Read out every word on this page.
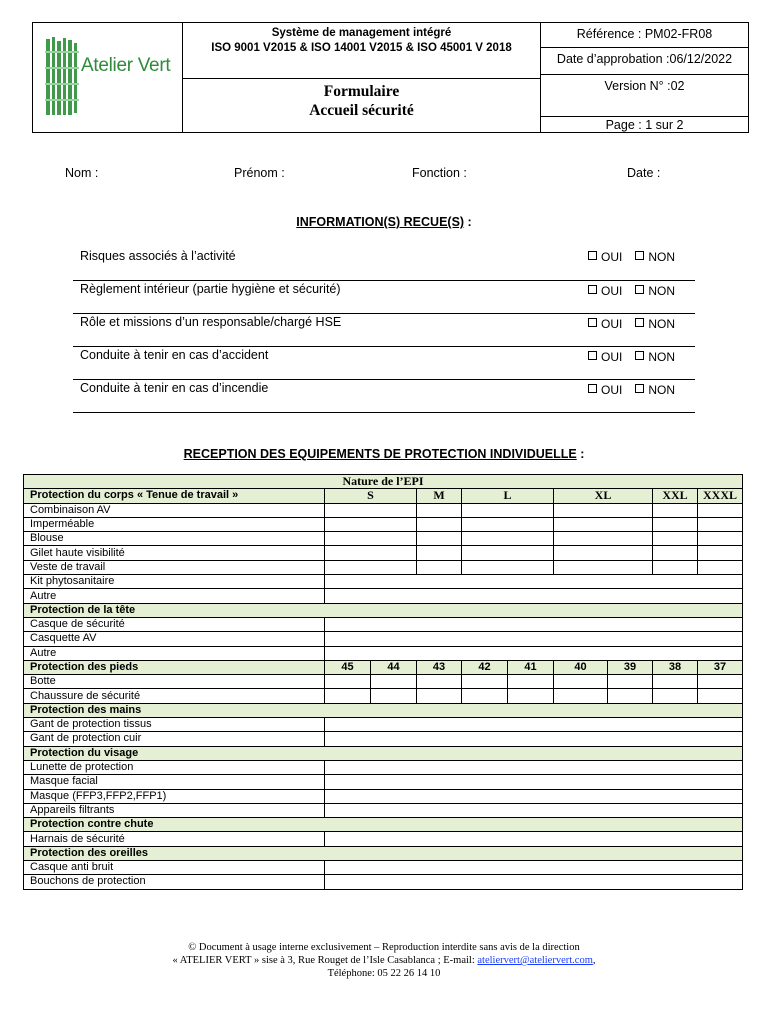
Atelier Vert
Système de management intégré
ISO 9001 V2015 & ISO 14001 V2015 & ISO 45001 V 2018
Formulaire
Accueil sécurité
Référence : PM02-FR08
Date d’approbation :06/12/2022
Version N° :02
Page : 1 sur 2
Nom :	Prénom :	Fonction :	Date :
INFORMATION(S) RECUE(S) :
Risques associés à l’activité	OUI NON
Règlement intérieur (partie hygiène et sécurité)	OUI NON
Rôle et missions d’un responsable/chargé HSE	OUI NON
Conduite à tenir en cas d’accident	OUI NON
Conduite à tenir en cas d’incendie	OUI NON
RECEPTION DES EQUIPEMENTS DE PROTECTION INDIVIDUELLE :
Nature de l’EPI									
Protection du corps « Tenue de travail »	S		M	L		XL		XXL	XXXL
Combinaison AV									
Imperméable									
Blouse									
Gilet haute visibilité									
Veste de travail									
Kit phytosanitaire									
Autre									
Protection de la tête									
Casque de sécurité									
Casquette AV									
Autre									
Protection des pieds	45	44	43	42	41	40	39	38	37
Botte									
Chaussure de sécurité									
Protection des mains									
Gant de protection tissus									
Gant de protection cuir									
Protection du visage									
Lunette de protection									
Masque facial									
Masque (FFP3,FFP2,FFP1)									
Appareils filtrants									
Protection contre chute									
Harnais de sécurité									
Protection des oreilles									
Casque anti bruit									
Bouchons de protection									
© Document à usage interne exclusivement – Reproduction interdite sans avis de la direction
« ATELIER VERT » sise à 3, Rue Rouget de l’Isle Casablanca ; E-mail: ateliervert@ateliervert.com,
Téléphone: 05 22 26 14 10
